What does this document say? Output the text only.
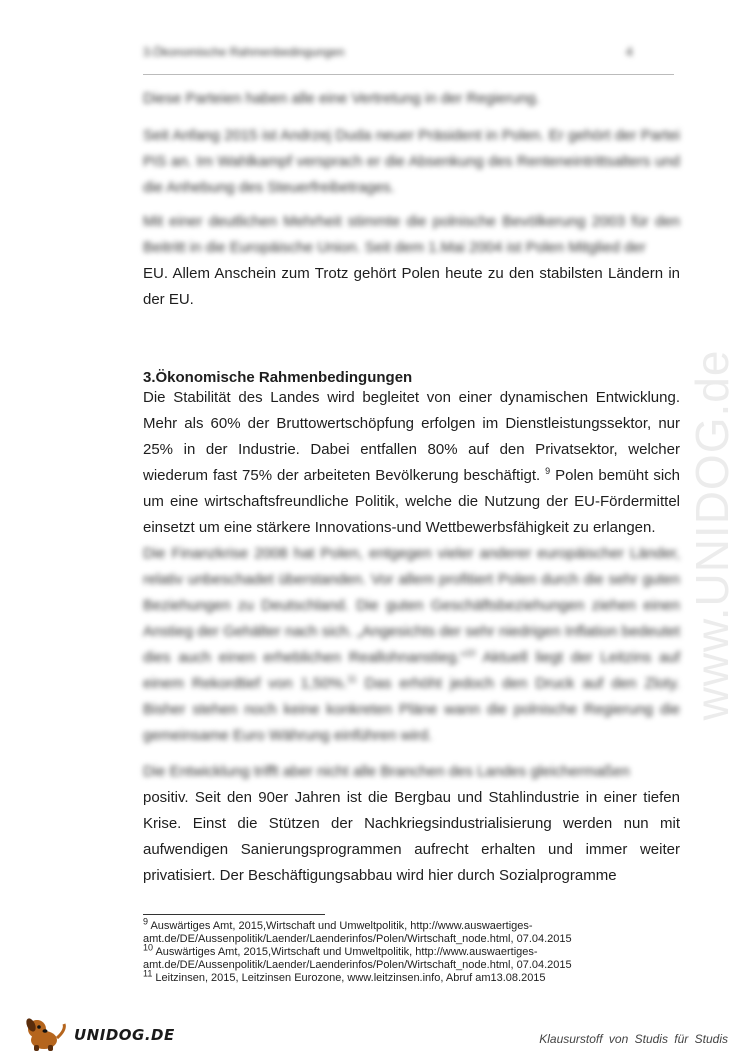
3.Ökonomische Rahmenbedingungen	4

Diese Parteien haben alle eine Vertretung in der Regierung.

Seit Anfang 2015 ist Andrzej Duda neuer Präsident in Polen. Er gehört der Partei PiS an. Im Wahlkampf versprach er die Absenkung des Renteneintrittsalters und die Anhebung des Steuerfreibetrages.

Mit einer deutlichen Mehrheit stimmte die polnische Bevölkerung 2003 für den Beitritt in die Europäische Union. Seit dem 1.Mai 2004 ist Polen Mitglied der

EU. Allem Anschein zum Trotz gehört Polen heute zu den stabilsten Ländern in der EU.

www.UNIDOG.de
3.Ökonomische Rahmenbedingungen

Die Stabilität des Landes wird begleitet von einer dynamischen Entwicklung. Mehr als 60% der Bruttowertschöpfung erfolgen im Dienstleistungssektor, nur 25% in der Industrie. Dabei entfallen 80% auf den Privatsektor, welcher wiederum fast 75% der arbeiteten Bevölkerung beschäftigt. $^9$ Polen bemüht sich um eine wirtschaftsfreundliche Politik, welche die Nutzung der EU-Fördermittel einsetzt um eine stärkere Innovations-und Wettbewerbsfähigkeit zu erlangen.

Die Finanzkrise 2008 hat Polen, entgegen vieler anderer europäischer Länder, relativ unbeschadet überstanden. Vor allem profitiert Polen durch die sehr guten Beziehungen zu Deutschland. Die guten Geschäftsbeziehungen ziehen einen Anstieg der Gehälter nach sich. „Angesichts der sehr niedrigen Inflation bedeutet dies auch einen erheblichen Reallohnanstieg.“$^{10}$ Aktuell liegt der Leitzins auf einem Rekordtief von 1,50%.$^{11}$ Das erhöht jedoch den Druck auf den Zloty. Bisher stehen noch keine konkreten Pläne wann die polnische Regierung die gemeinsame Euro Währung einführen wird.

Die Entwicklung trifft aber nicht alle Branchen des Landes gleichermaßen

positiv. Seit den 90er Jahren ist die Bergbau und Stahlindustrie in einer tiefen Krise. Einst die Stützen der Nachkriegsindustrialisierung werden nun mit aufwendigen Sanierungsprogrammen aufrecht erhalten und immer weiter privatisiert. Der Beschäftigungsabbau wird hier durch Sozialprogramme

$^9$ Auswärtiges Amt, 2015,Wirtschaft und Umweltpolitik, http://www.auswaertiges-amt.de/DE/Aussenpolitik/Laender/Laenderinfos/Polen/Wirtschaft_node.html, 07.04.2015

$^{10}$ Auswärtiges Amt, 2015,Wirtschaft und Umweltpolitik, http://www.auswaertiges-amt.de/DE/Aussenpolitik/Laender/Laenderinfos/Polen/Wirtschaft_node.html, 07.04.2015

$^{11}$ Leitzinsen, 2015, Leitzinsen Eurozone, www.leitzinsen.info, Abruf am13.08.2015

UNIDOG.DE	Klausurstoff von Studis für Studis
